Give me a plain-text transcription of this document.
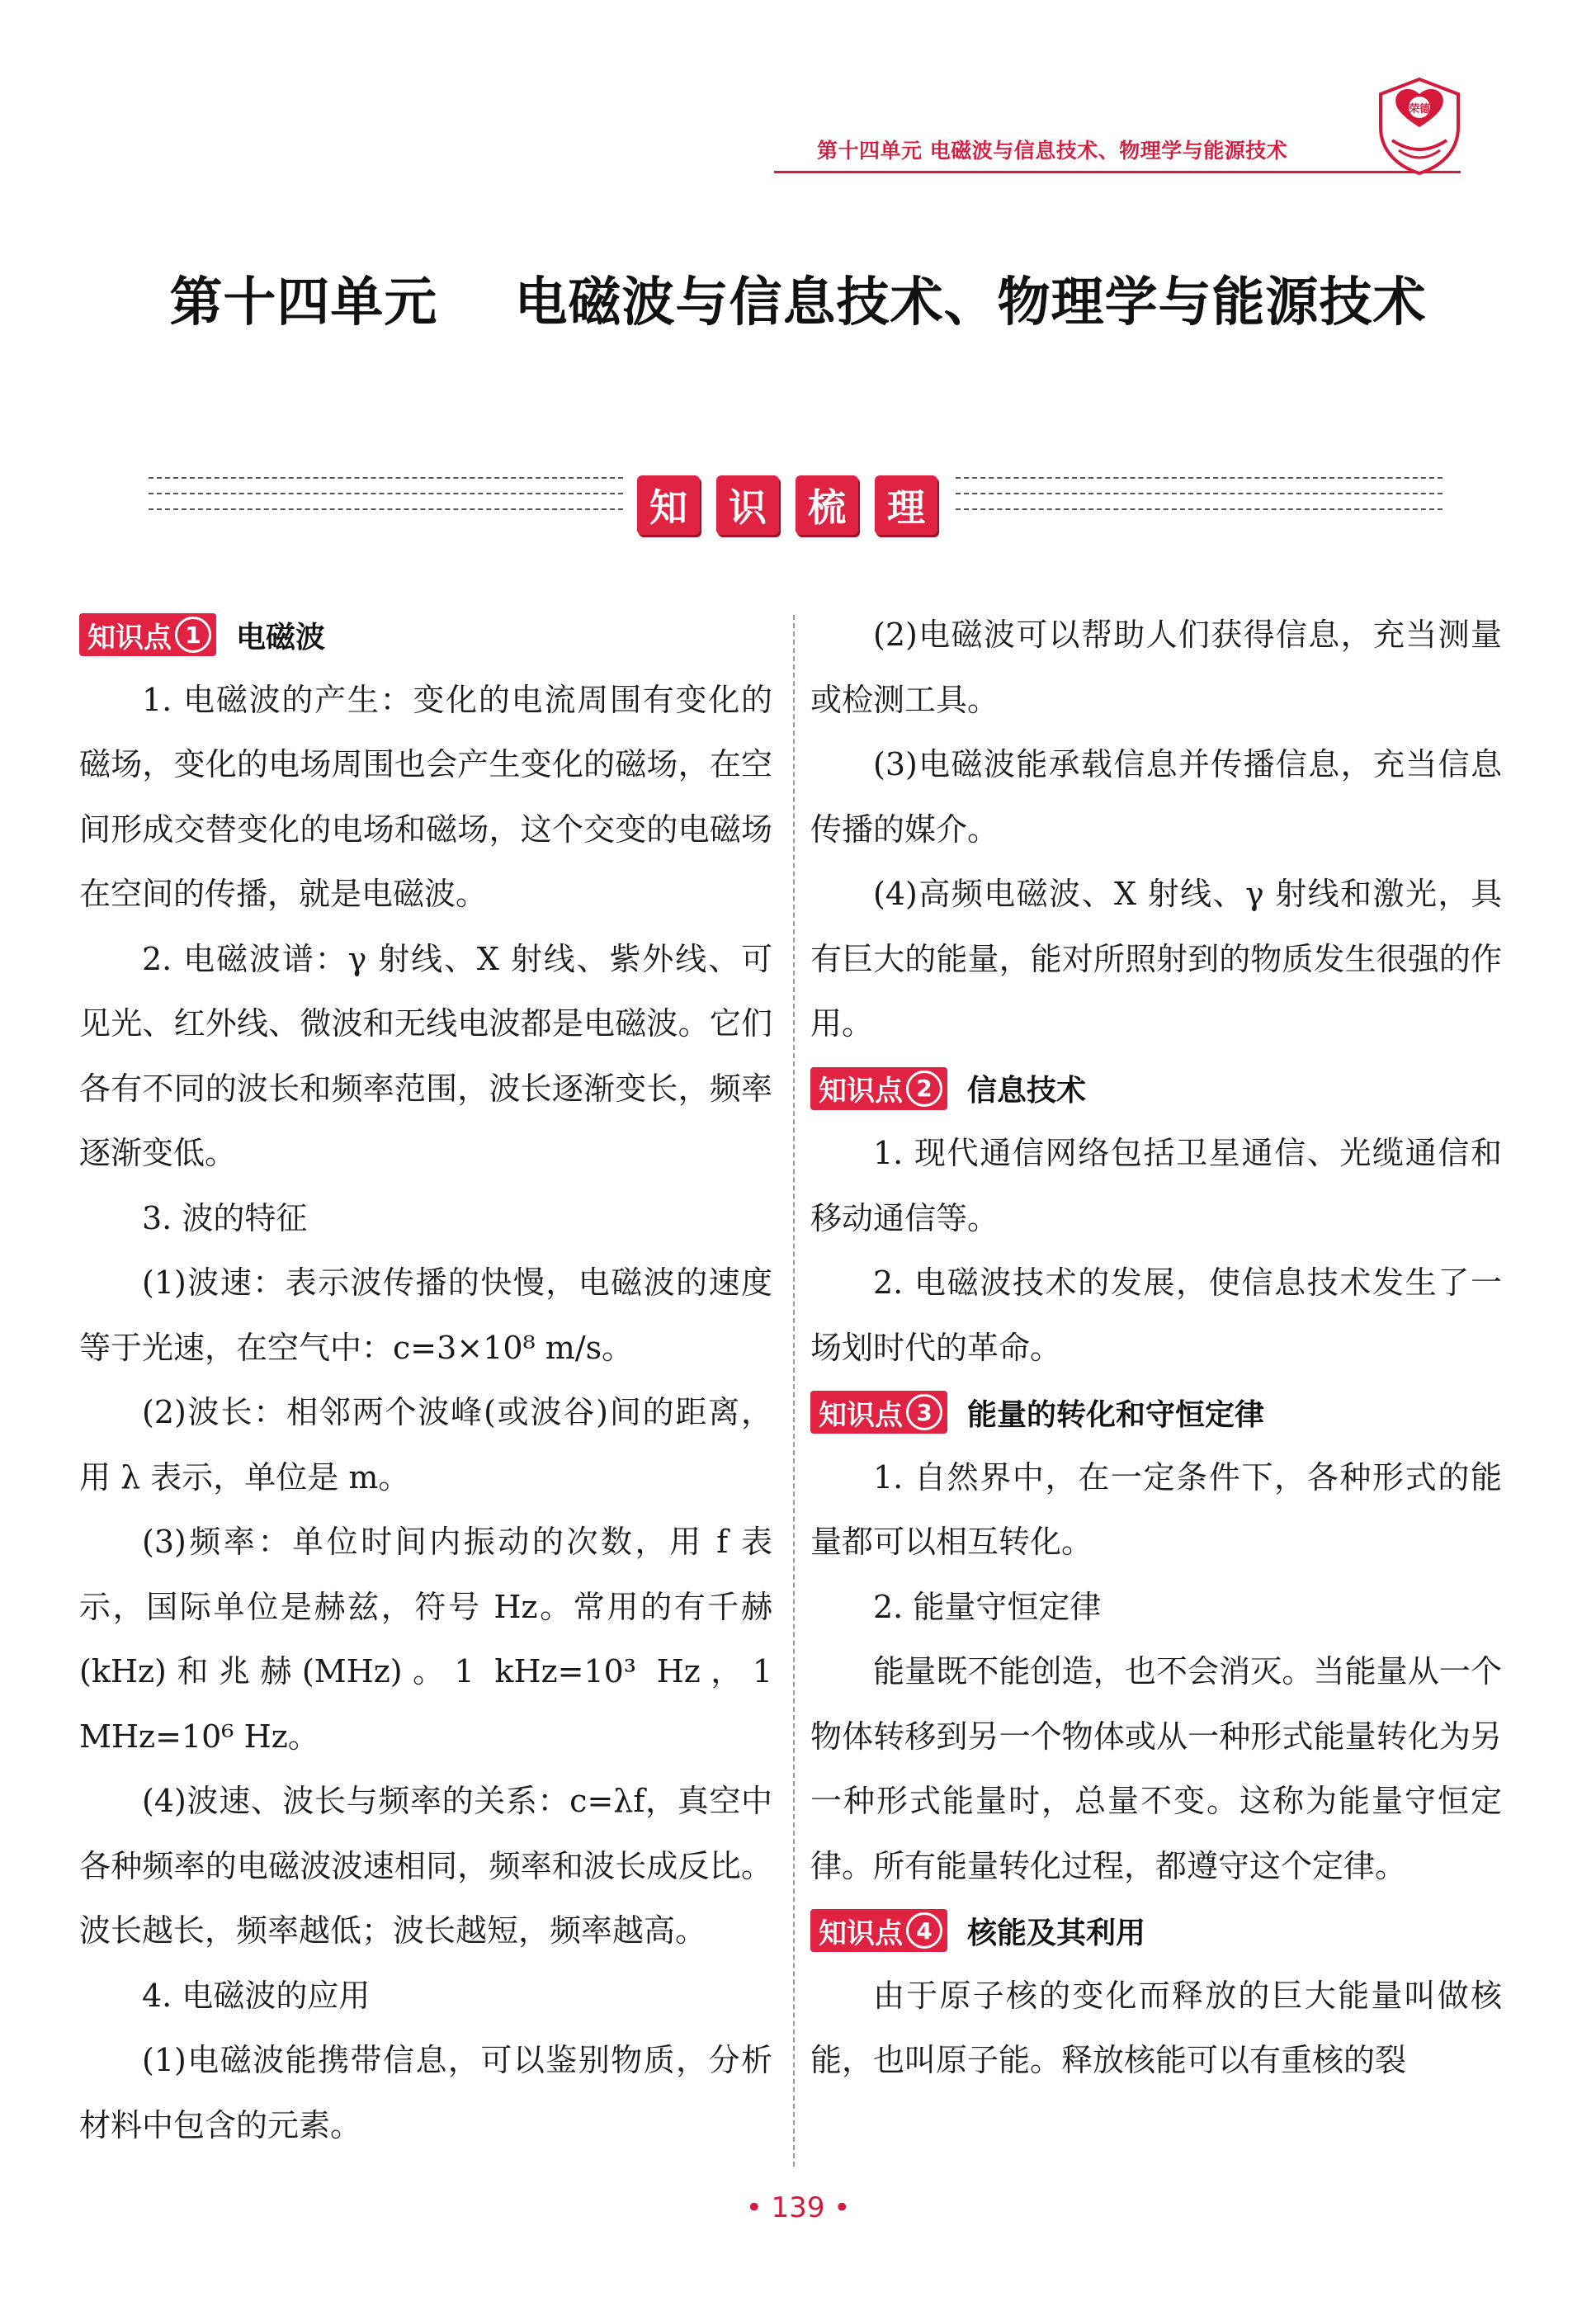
第十四单元 电磁波与信息技术、物理学与能源技术
荣德
第十四单元    电磁波与信息技术、物理学与能源技术
知	识	梳	理
知识点 1	电磁波

1. 电磁波的产生：变化的电流周围有变化的磁场，变化的电场周围也会产生变化的磁场，在空间形成交替变化的电场和磁场，这个交变的电磁场在空间的传播，就是电磁波。

2. 电磁波谱：γ 射线、X 射线、紫外线、可见光、红外线、微波和无线电波都是电磁波。它们各有不同的波长和频率范围，波长逐渐变长，频率逐渐变低。

3. 波的特征

(1)波速：表示波传播的快慢，电磁波的速度等于光速，在空气中：c=3×10⁸ m/s。

(2)波长：相邻两个波峰(或波谷)间的距离，用 λ 表示，单位是 m。

(3)频率：单位时间内振动的次数，用 f 表示，国际单位是赫兹，符号 Hz。常用的有千赫(kHz)和兆赫(MHz)。1 kHz=10³ Hz，1 MHz=10⁶ Hz。

(4)波速、波长与频率的关系：c=λf，真空中各种频率的电磁波波速相同，频率和波长成反比。波长越长，频率越低；波长越短，频率越高。

4. 电磁波的应用

(1)电磁波能携带信息，可以鉴别物质，分析材料中包含的元素。

(2)电磁波可以帮助人们获得信息，充当测量或检测工具。

(3)电磁波能承载信息并传播信息，充当信息传播的媒介。

(4)高频电磁波、X 射线、γ 射线和激光，具有巨大的能量，能对所照射到的物质发生很强的作用。

知识点 2	信息技术

1. 现代通信网络包括卫星通信、光缆通信和移动通信等。

2. 电磁波技术的发展，使信息技术发生了一场划时代的革命。

知识点 3	能量的转化和守恒定律

1. 自然界中，在一定条件下，各种形式的能量都可以相互转化。

2. 能量守恒定律

能量既不能创造，也不会消灭。当能量从一个物体转移到另一个物体或从一种形式能量转化为另一种形式能量时，总量不变。这称为能量守恒定律。所有能量转化过程，都遵守这个定律。

知识点 4	核能及其利用

由于原子核的变化而释放的巨大能量叫做核能，也叫原子能。释放核能可以有重核的裂

• 139 •
